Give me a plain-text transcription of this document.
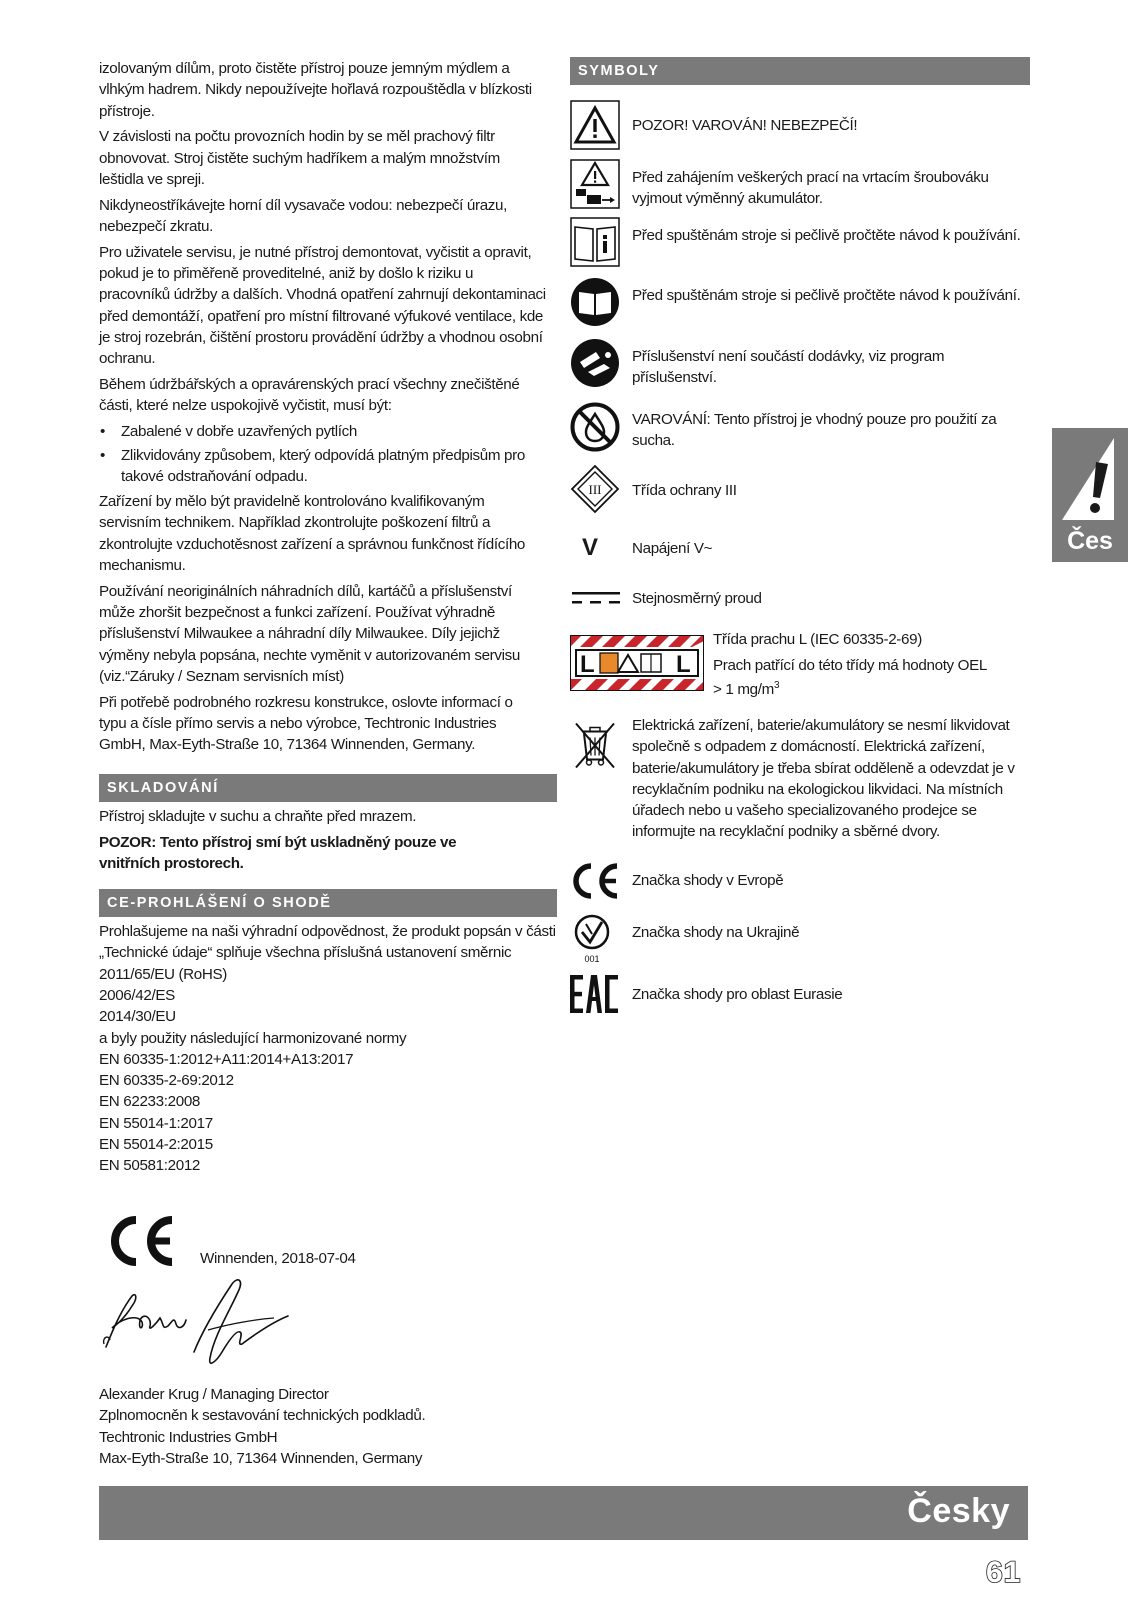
izolovaným dílům, proto čistěte přístroj pouze jemným mýdlem a vlhkým hadrem. Nikdy nepoužívejte hořlavá rozpouštědla v blízkosti přístroje.

V závislosti na počtu provozních hodin by se měl prachový filtr obnovovat. Stroj čistěte suchým hadříkem a malým množstvím leštidla ve spreji.

Nikdyneostříkávejte horní díl vysavače vodou: nebezpečí úrazu, nebezpečí zkratu.

Pro uživatele servisu, je nutné přístroj demontovat, vyčistit a opravit, pokud je to přiměřeně proveditelné, aniž by došlo k riziku u pracovníků údržby a dalších. Vhodná opatření zahrnují dekontaminaci před demontáží, opatření pro místní filtrované výfukové ventilace, kde je stroj rozebrán, čištění prostoru provádění údržby a vhodnou osobní ochranu.

Během údržbářských a opravárenských prací všechny znečištěné části, které nelze uspokojivě vyčistit, musí být:

• Zabalené v dobře uzavřených pytlích
• Zlikvidovány způsobem, který odpovídá platným předpisům pro takové odstraňování odpadu.

Zařízení by mělo být pravidelně kontrolováno kvalifikovaným servisním technikem. Například zkontrolujte poškození filtrů a zkontrolujte vzduchotěsnost zařízení a správnou funkčnost řídícího mechanismu.

Používání neoriginálních náhradních dílů, kartáčů a příslušenství může zhoršit bezpečnost a funkci zařízení. Používat výhradně příslušenství Milwaukee a náhradní díly Milwaukee. Díly jejichž výměny nebyla popsána, nechte vyměnit v autorizovaném servisu (viz.“Záruky / Seznam servisních míst)

Při potřebě podrobného rozkresu konstrukce, oslovte informací o typu a čísle přímo servis a nebo výrobce, Techtronic Industries GmbH, Max-Eyth-Straße 10, 71364 Winnenden, Germany.

SKLADOVÁNÍ

Přístroj skladujte v suchu a chraňte před mrazem.

POZOR: Tento přístroj smí být uskladněný pouze ve vnitřních prostorech.

CE-PROHLÁŠENÍ O SHODĚ

Prohlašujeme na naši výhradní odpovědnost, že produkt popsán v části „Technické údaje“ splňuje všechna příslušná ustanovení směrnic

2011/65/EU (RoHS)
2006/42/ES
2014/30/EU
a byly použity následující harmonizované normy
EN 60335-1:2012+A11:2014+A13:2017
EN 60335-2-69:2012
EN 62233:2008
EN 55014-1:2017
EN 55014-2:2015
EN 50581:2012
Winnenden, 2018-07-04
Alexander Krug / Managing Director
Zplnomocněn k sestavování technických podkladů.
Techtronic Industries GmbH
Max-Eyth-Straße 10, 71364 Winnenden, Germany
SYMBOLY
POZOR! VAROVÁN! NEBEZPEČÍ!
Před zahájením veškerých prací na vrtacím šroubováku vyjmout výměnný akumulátor.
Před spuštěnám stroje si pečlivě pročtěte návod k používání.
Před spuštěnám stroje si pečlivě pročtěte návod k používání.
Příslušenství není součástí dodávky, viz program příslušenství.
VAROVÁNÍ: Tento přístroj je vhodný pouze pro použití za sucha.
III Třída ochrany III
V Napájení V~
Stejnosměrný proud
L	L
Třída prachu L (IEC 60335-2-69)
Prach patřící do této třídy má hodnoty OEL
> 1 $mg/m^3$
Elektrická zařízení, baterie/akumulátory se nesmí likvidovat společně s odpadem z domácností. Elektrická zařízení, baterie/akumulátory je třeba sbírat odděleně a odevzdat je v recyklačním podniku na ekologickou likvidaci. Na místních úřadech nebo u vašeho specializovaného prodejce se informujte na recyklační podniky a sběrné dvory.
Značka shody v Evropě
001
Značka shody na Ukrajině
Značka shody pro oblast Eurasie
Čes
Česky
61
